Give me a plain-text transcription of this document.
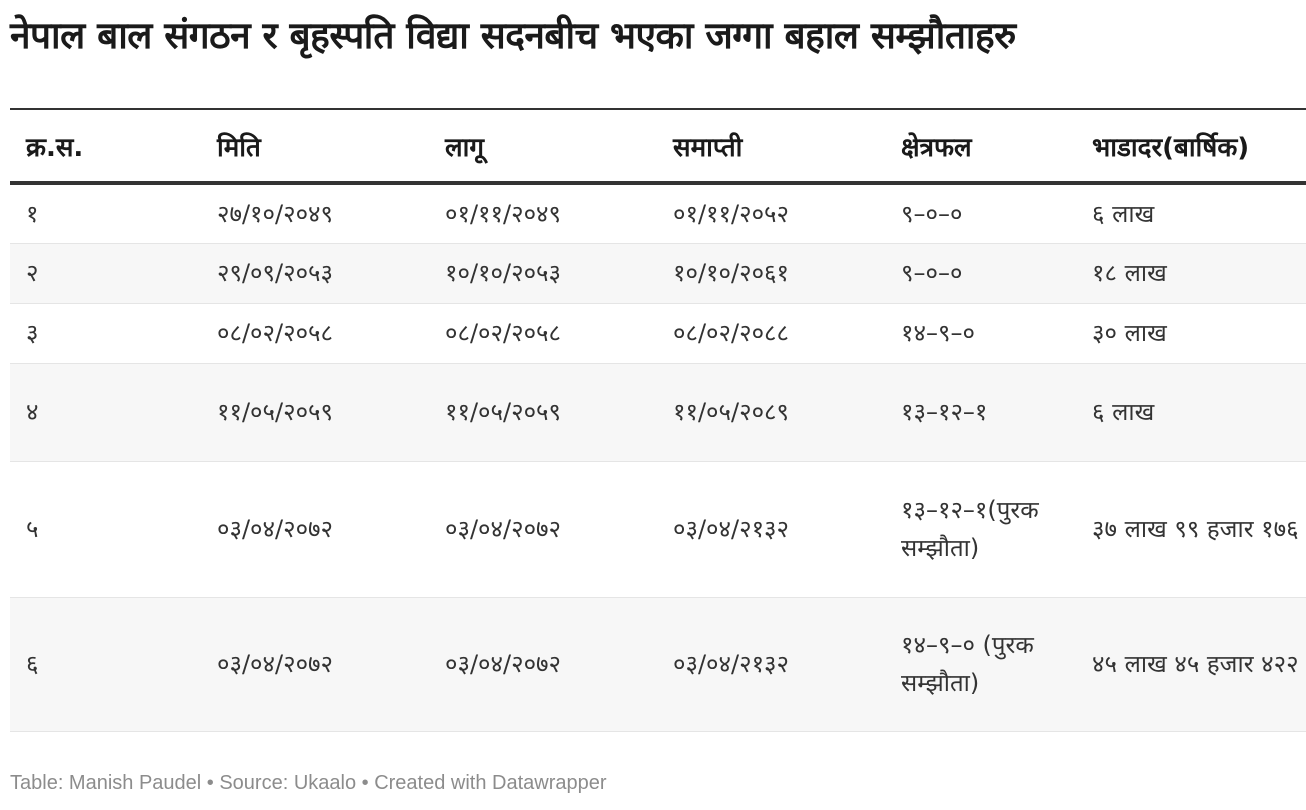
नेपाल बाल संगठन र बृहस्पति विद्या सदनबीच भएका जग्गा बहाल सम्झौताहरु
क्र.स.	मिति	लागू	समाप्ती	क्षेत्रफल	भाडादर(बार्षिक)
१	२७/१०/२०४९	०१/११/२०४९	०१/११/२०५२	९–०–०	६ लाख
२	२९/०९/२०५३	१०/१०/२०५३	१०/१०/२०६१	९–०–०	१८ लाख
३	०८/०२/२०५८	०८/०२/२०५८	०८/०२/२०८८	१४–९–०	३० लाख
४	११/०५/२०५९	११/०५/२०५९	११/०५/२०८९	१३–१२–१	६ लाख
५	०३/०४/२०७२	०३/०४/२०७२	०३/०४/२१३२	१३–१२–१(पुरक सम्झौता)	३७ लाख ९९ हजार १७६
६	०३/०४/२०७२	०३/०४/२०७२	०३/०४/२१३२	१४–९–० (पुरक सम्झौता)	४५ लाख ४५ हजार ४२२
Table: Manish Paudel • Source: Ukaalo • Created with Datawrapper
